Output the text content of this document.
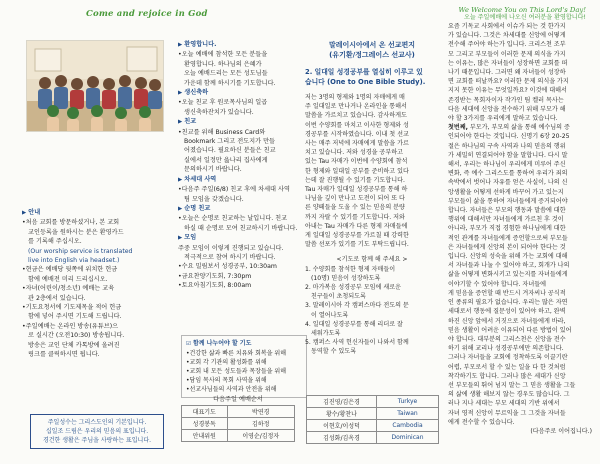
Come and rejoice in God	We Welcome You on This Lord's Day!
오늘 주일예배에 나오신 여러분을 환영합니다!
▶ 안내
•처음 교회를 방문하셨거나, 본 교회
교인등록을 원하시는 분은 환영카드
를 기록해 주십시오.
(Our worship service is translated
live into English via headset.)
•현금은 예배당 뒷쪽에 위치한 헌금
함에 예배전 미리 드리십시오.
•자녀(어린이/청소년) 예배는 교육
관 2층에서 있습니다.
•기도요청서에 기도제목을 적어 헌금
함에 넣어 주시면 기도해 드립니다.
•주일예배는 온라인 방송(유튜브)으
로 실시간 (오전10:30) 방송됩니다.
방송은 교인 단체 카톡방에 올려진
링크를 클릭하시면 됩니다.
주일성수는 그리스도인의 기본입니다.
십일조 드림은 우리의 믿음의 표입니다.
경건한 생활은 주님을 사랑하는 표입니다.
▶ 환영합니다.
•오늘 예배에 참석한 모든 분들을
환영합니다. 하나님의 은혜가
오늘 예배드리는 모든 성도님들
가운데 함께 하시기를 기도합니다.
▶ 생신축하
•오늘 친교 후 원로목사님의 일곱
생신축하잔치가 있습니다.
▶ 친교
•친교를 위해 Business Card와
Bookmark 그리고 전도지가 만들
어졌습니다. 필요하신 분들은 친교
실에서 일정만 읊나리 집사에게
문의하시기 바랍니다.
▶ 차세대 사역
•다음주 주일(6/8) 친교 후에 차세대 사역
팀 모임을 갖겠습니다.
▶ 순명 친교
•오늘은 순명로 친교하는 날입니다. 친교
하실 때 순명로 모여 친교하시기 바랍니다.
▶ 모임
주중 모임이 이렇게 진행되고 있습니다.
적극적으로 참여 하시기 바랍니다.
•수요 밀림보서 성경공부, 10:30am
•금요찬양기도회, 7:30pm
•토요아침기도회, 8:00am
☑ 함께 나누어야 할 기도
•건강한 삶과 빠른 치유와 회복을 위해
•교회 각 기관의 활성화를 위해
•교회 내 모든 성도들과 목장들을 위해
•담임 목사의 목회 사역을 위해
•선교사님들의 사역과 안전을 위해
다음주일 예배순서
대표기도	박연경
성경봉독	김하정
안내위원	이영순/김정자
말레이시아에서 온 선교편지
(유기환/정그레이스 선교사)
2. 일대일 성경공부를 열심히 이루고 있
습니다 (One to One Bible Study).
저는 3명의 형제와 1명의 자매에게 매
주 일대일로 만나거나 온라인을 통해서
말씀을 가르치고 있습니다. 감사하게도
이번 수양회를 마치고 이사한 형제와 성
경공부를 시작하였습니다. 이내 첫 선교
사는 매주 저녁에 자매에게 말씀을 가르
치고 있습니다. 저와 성경을 공부하고
있는 Tau 자매가 이번에 수양회에 참석
한 형제와 일대일 공부를 준비하고 있다
는데 잘 진행될 수 있기를 기도합니다.
Tau 자매가 일대일 성경공부를 통해 하
나님을 깊이 만나고 도전이 되어 또 다
른 양떼들을 도울 수 있는 믿음의 분량
까지 자랄 수 있기를 기도합니다. 저와
아내는 Tau 자매가 다른 형제 자매들에
게 일대일 성경공부를 가르칠 때 강력한
말씀 선포가 있기를 기도 부탁드립니다.
<기도로 함께 해 주세요 >
1. 수양회를 참석한 형제 자매들이
(10명) 믿음이 성장하도록
2. 마가복음 성경공부 모임에 새로운
친구들이 초청되도록
3. 말레이시아 각 캠퍼스마다 전도의 문
이 열어나도록
4. 일대일 성경공부를 통해 리더로 잘
세워가도록
5. 캠퍼스 사역 헌신자들이 나와서 함께
동역할 수 있도록
김진영/김은경	Turkye
황수/황찬나	Taiwan
이현호/이성덕	Cambodia
김성화/김옥경	Dominican
요즘 기독교 사회에서 이슈가 되는 것 한가지
가 있습니다. 그것은 차세대를 신앙에 어떻게
전수해 주어야 하는가 입니다. 크리스천 조부
모 그리고 부모들이 이러한 문제 의식을 가지
는 이유는, 많은 자녀들이 성장하면 교회를 떠
나기 때문입니다. 그러면 왜 자녀들이 성장하
면 교회를 떠날까요? 이러한 문제 의식을 가지
지지 못한 이유는 무엇일까요? 이것에 대해서
존경받는 목회자이자 작가인 팀 켈러 목사는
다음 세대에 신앙을 전수하기 위해 부모가 해
야 할 3가지를 우리에게 말하고 있습니다.
첫번째, 부모가, 부모의 삶을 통해 예수님의 증
인되어야 한다는 것입니다. 신명기 6장 20-25
절은 하나님의 구속 사역과 나의 믿음의 행위
가 세밀히 연결되어야 함을 말합니다. 다시 말
해서, 우리는 하나님이 우리에게 미루어 주신
변화, 즉 예수 그리스도를 통하여 우리가 죄의
속박에서 벗어나 자유를 얻은 사실이, 나의 신
앙생활을 어떻게 선하게 바꾸어 가고 있는지
부모들이 삶을 통하여 자녀들에게 증거되어야
합니다. 자녀들은 부모의 행동과 말씀에 대한
행위에 대해서만 자녀들에게 가르친 후 것이
아니라, 부모가 직접 경험한 하나님에게 대한
적인 관계를 자녀들에게 증언할으로써 부모들
은 자녀들에게 신앙의 본이 되어야 한다는 것
입니다. 신앙의 성숙을 위해 가는 교회에 대해
서 자녀들과 나눌 수 있어야 하고, 회개가 나의
삶을 어떻게 변화시키고 있는지를 자녀들에게
이야기할 수 있어야 합니다. 자녀들에
게 믿음을 증언할 때 반드시 겨자씨나 공식적
인 종류의 필요가 없습니다. 우리는 많은 자연
세대로서 행동에 질문성이 있어야 하고, 완벽
하진 신앙 앞에서 거짓으로 자녀들에게 바라,
믿음 생활이 어려운 이유되어 다른 방법이 있어
야 합니다. 대부분의 그리스천은 신앙을 전수
하기 위해 교리나 성경공부에만 의존합니다.
그러나 자녀들을 교회에 정착하도록 이끌기란
어렵, 부모로서 할 수 있는 일을 다 한 것처럼
착각하기도 합니다. 그러나 많은 세대가 신앙
선 부모들의 뛰어 넘지 말는 그 믿음 생활을 그들
의 삶에 생활 해보지 않는 경우도 많습니다. 그
러나 지나 세대는 부모 세대의 기반 위에서
자녀 영적 신앙이 무르익을 그 그것을 자녀들
에게 전수할 수 있습니다.
(다음주로 이어집니다.)
